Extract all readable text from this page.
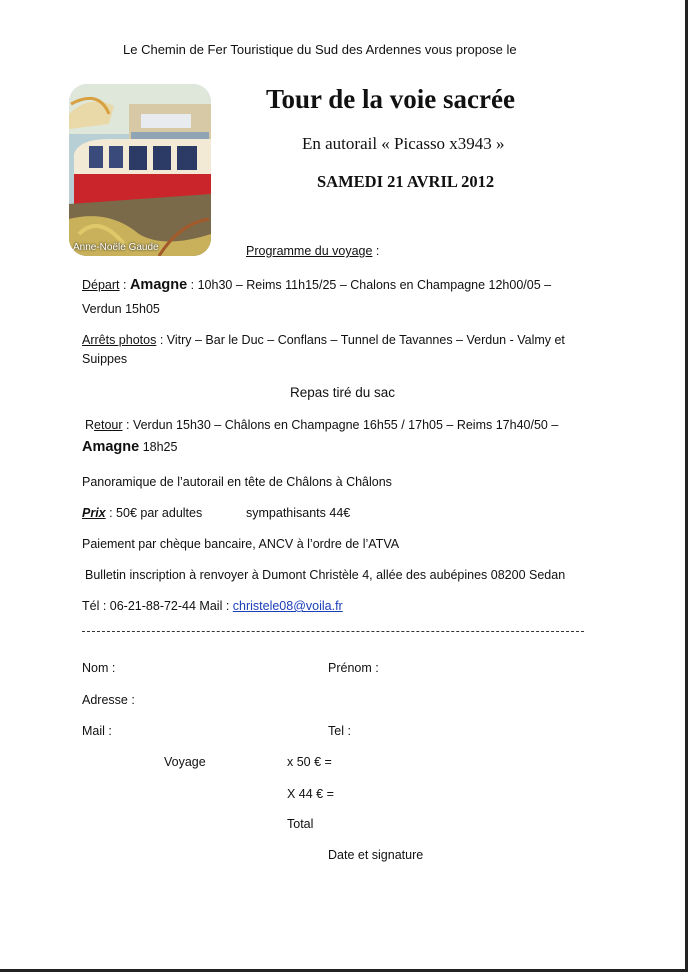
Le Chemin de Fer Touristique du Sud des Ardennes vous propose le
Anne-Noële Gaude
Tour de la voie sacrée
En autorail « Picasso x3943 »
SAMEDI 21 AVRIL 2012
Programme du voyage :
Départ : Amagne : 10h30 – Reims 11h15/25 – Chalons en Champagne 12h00/05 –
Verdun 15h05
Arrêts photos : Vitry – Bar le Duc – Conflans – Tunnel de Tavannes – Verdun - Valmy et
Suippes
Repas tiré du sac
Retour : Verdun 15h30 – Châlons en Champagne 16h55 / 17h05 – Reims 17h40/50 –
Amagne 18h25
Panoramique de l’autorail en tête de Châlons à Châlons
Prix : 50€ par adultes	sympathisants 44€
Paiement par chèque bancaire, ANCV à l’ordre de l’ATVA
Bulletin inscription à renvoyer à Dumont Christèle 4, allée des aubépines 08200 Sedan
Tél : 06-21-88-72-44 Mail : christele08@voila.fr
Nom :	Prénom :
Adresse :
Mail :	Tel :
Voyage	x 50 € =
X 44 € =
Total
Date et signature
